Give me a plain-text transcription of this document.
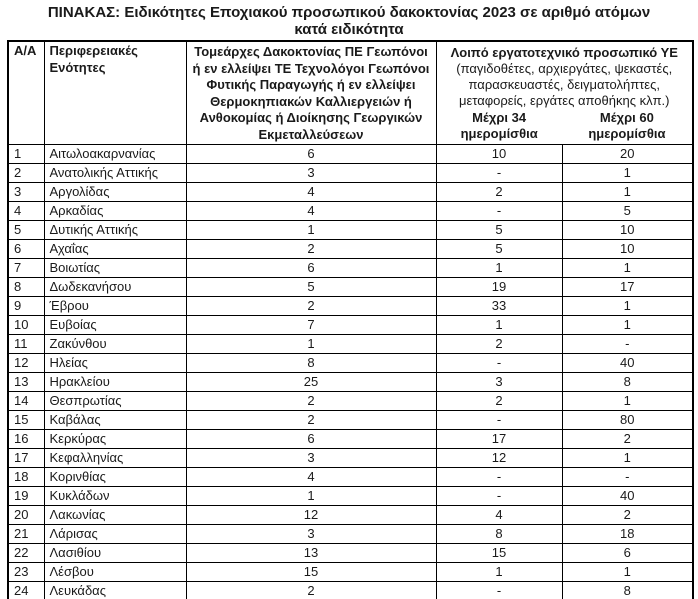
ΠΙΝΑΚΑΣ: Ειδικότητες Εποχιακού προσωπικού δακοκτονίας 2023 σε αριθμό ατόμων
κατά ειδικότητα
Α/Α	Περιφερειακές Ενότητες	Τομεάρχες Δακοκτονίας ΠΕ Γεωπόνοι ή εν ελλείψει ΤΕ Τεχνολόγοι Γεωπόνοι Φυτικής Παραγωγής ή εν ελλείψει Θερμοκηπιακών Καλλιεργειών ή Ανθοκομίας ή Διοίκησης Γεωργικών Εκμεταλλεύσεων	Λοιπό εργατοτεχνικό προσωπικό ΥΕ
(παγιδοθέτες, αρχιεργάτες, ψεκαστές, παρασκευαστές, δειγματολήπτες, μεταφορείς, εργάτες αποθήκης κλπ.)
Μέχρι 34 ημερομίσθια
Μέχρι 60 ημερομίσθια	

1	Αιτωλοακαρνανίας	6	10	20
2	Ανατολικής Αττικής	3	-	1
3	Αργολίδας	4	2	1
4	Αρκαδίας	4	-	5
5	Δυτικής Αττικής	1	5	10
6	Αχαΐας	2	5	10
7	Βοιωτίας	6	1	1
8	Δωδεκανήσου	5	19	17
9	Έβρου	2	33	1
10	Ευβοίας	7	1	1
11	Ζακύνθου	1	2	-
12	Ηλείας	8	-	40
13	Ηρακλείου	25	3	8
14	Θεσπρωτίας	2	2	1
15	Καβάλας	2	-	80
16	Κερκύρας	6	17	2
17	Κεφαλληνίας	3	12	1
18	Κορινθίας	4	-	-
19	Κυκλάδων	1	-	40
20	Λακωνίας	12	4	2
21	Λάρισας	3	8	18
22	Λασιθίου	13	15	6
23	Λέσβου	15	1	1
24	Λευκάδας	2	-	8
